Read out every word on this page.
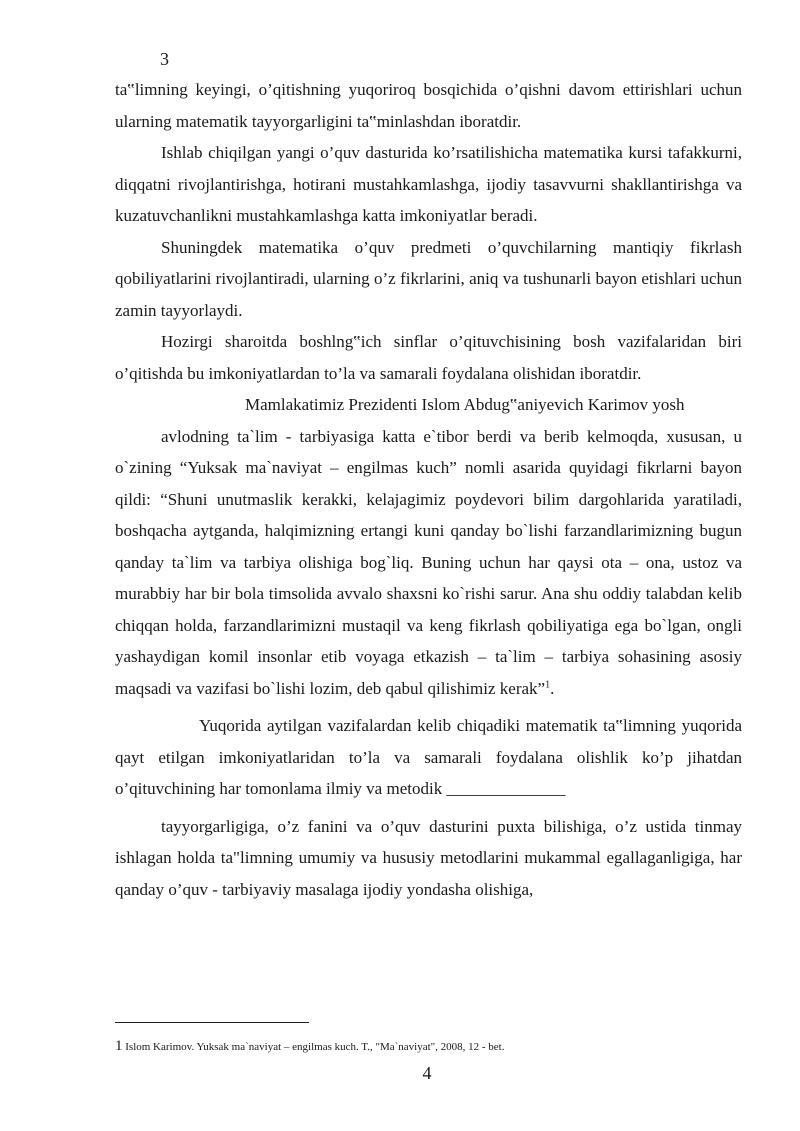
3

ta‟limning keyingi, o’qitishning yuqoriroq bosqichida o’qishni davom ettirishlari uchun ularning matematik tayyorgarligini ta‟minlashdan iboratdir.

Ishlab chiqilgan yangi o’quv dasturida ko’rsatilishicha matematika kursi tafakkurni, diqqatni rivojlantirishga, hotirani mustahkamlashga, ijodiy tasavvurni shakllantirishga va kuzatuvchanlikni mustahkamlashga katta imkoniyatlar beradi.

Shuningdek matematika o’quv predmeti o’quvchilarning mantiqiy fikrlash qobiliyatlarini rivojlantiradi, ularning o’z fikrlarini, aniq va tushunarli bayon etishlari uchun zamin tayyorlaydi.

Hozirgi sharoitda boshlng‟ich sinflar o’qituvchisining bosh vazifalaridan biri o’qitishda bu imkoniyatlardan to’la va samarali foydalana olishidan iboratdir.

Mamlakatimiz Prezidenti Islom Abdug‟aniyevich Karimov yosh

avlodning ta`lim - tarbiyasiga katta e`tibor berdi va berib kelmoqda, xususan, u o`zining “Yuksak ma`naviyat – engilmas kuch” nomli asarida quyidagi fikrlarni bayon qildi: “Shuni unutmaslik kerakki, kelajagimiz poydevori bilim dargohlarida yaratiladi, boshqacha aytganda, halqimizning ertangi kuni qanday bo`lishi farzandlarimizning bugun qanday ta`lim va tarbiya olishiga bog`liq. Buning uchun har qaysi ota – ona, ustoz va murabbiy har bir bola timsolida avvalo shaxsni ko`rishi sarur. Ana shu oddiy talabdan kelib chiqqan holda, farzandlarimizni mustaqil va keng fikrlash qobiliyatiga ega bo`lgan, ongli yashaydigan komil insonlar etib voyaga etkazish – ta`lim – tarbiya sohasining asosiy maqsadi va vazifasi bo`lishi lozim, deb qabul qilishimiz kerak”$^1$.

Yuqorida aytilgan vazifalardan kelib chiqadiki matematik ta‟limning yuqorida qayt etilgan imkoniyatlaridan to’la va samarali foydalana olishlik ko’p jihatdan o’qituvchining har tomonlama ilmiy va metodik ______________

tayyorgarligiga, o’z fanini va o’quv dasturini puxta bilishiga, o’z ustida tinmay ishlagan holda ta"limning umumiy va hususiy metodlarini mukammal egallaganligiga, har qanday o’quv - tarbiyaviy masalaga ijodiy yondasha olishiga,

1 Islom Karimov. Yuksak ma`naviyat – engilmas kuch. T., "Ma`naviyat", 2008, 12 - bet.
4
